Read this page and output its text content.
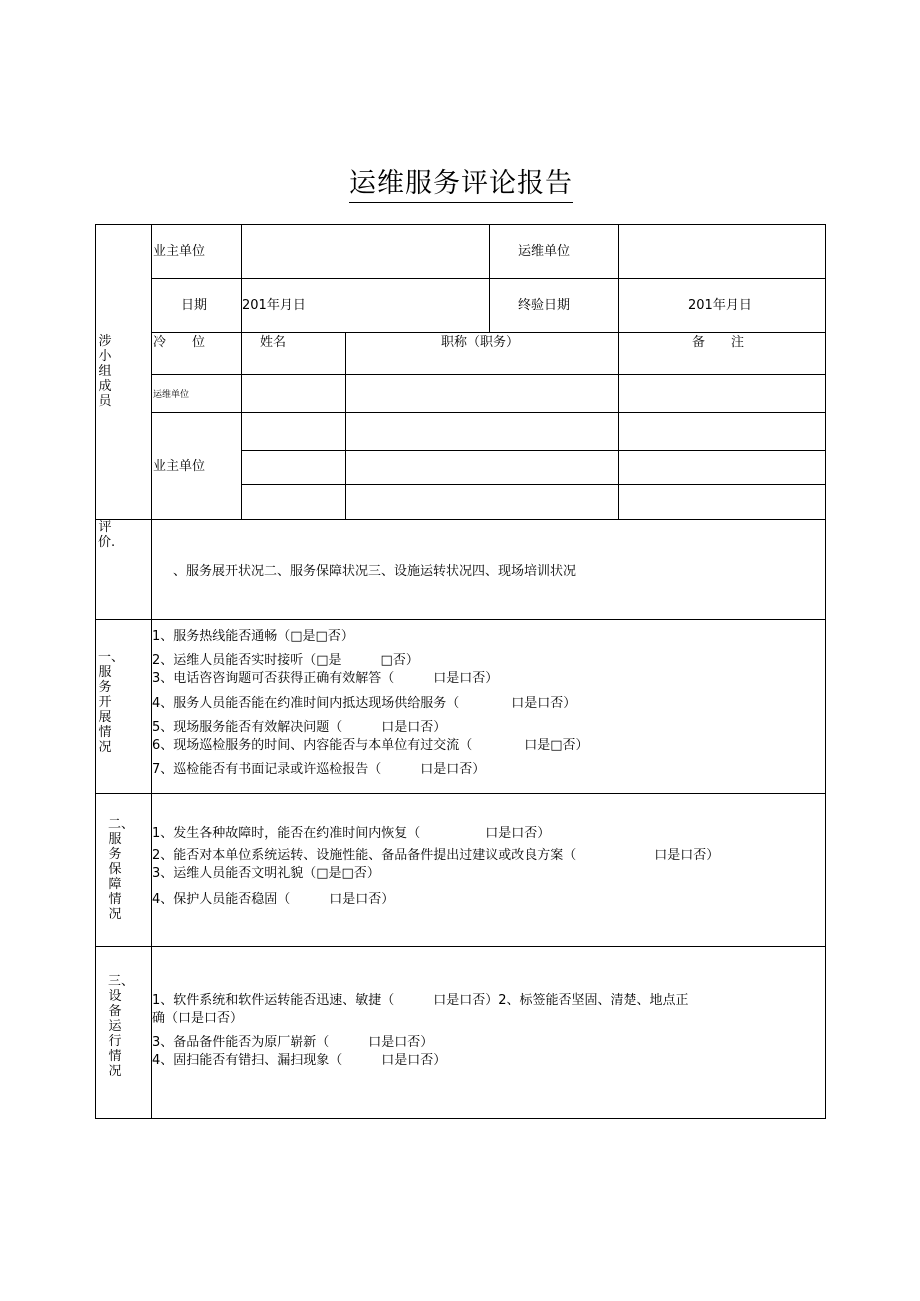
运维服务评论报告
业主单位	运维单位
日期	201年月日	终验日期	201年月日
涉小组成员
冷　　位	姓名	职称（职务）	备　　注
运维单位
业主单位
评价.
、服务展开状况二、服务保障状况三、设施运转状况四、现场培训状况
一、服务开展情况
1、服务热线能否通畅（□是□否）
2、运维人员能否实时接听（□是　　　□否）
3、电话咨咨询题可否获得正确有效解答（　　　口是口否）
4、服务人员能否能在约准时间内抵达现场供给服务（　　　　口是口否）
5、现场服务能否有效解决问题（　　　口是口否）
6、现场巡检服务的时间、内容能否与本单位有过交流（　　　　口是□否）
7、巡检能否有书面记录或许巡检报告（　　　口是口否）
二、服务保障情况
1、发生各种故障时，能否在约准时间内恢复（　　　　　口是口否）
2、能否对本单位系统运转、设施性能、备品备件提出过建议或改良方案（　　　　　　口是口否）
3、运维人员能否文明礼貌（□是□否）
4、保护人员能否稳固（　　　口是口否）
三、设备运行情况
1、软件系统和软件运转能否迅速、敏捷（　　　口是口否）2、标签能否坚固、清楚、地点正
确（口是口否）
3、备品备件能否为原厂崭新（　　　口是口否）
4、固扫能否有错扫、漏扫现象（　　　口是口否）
